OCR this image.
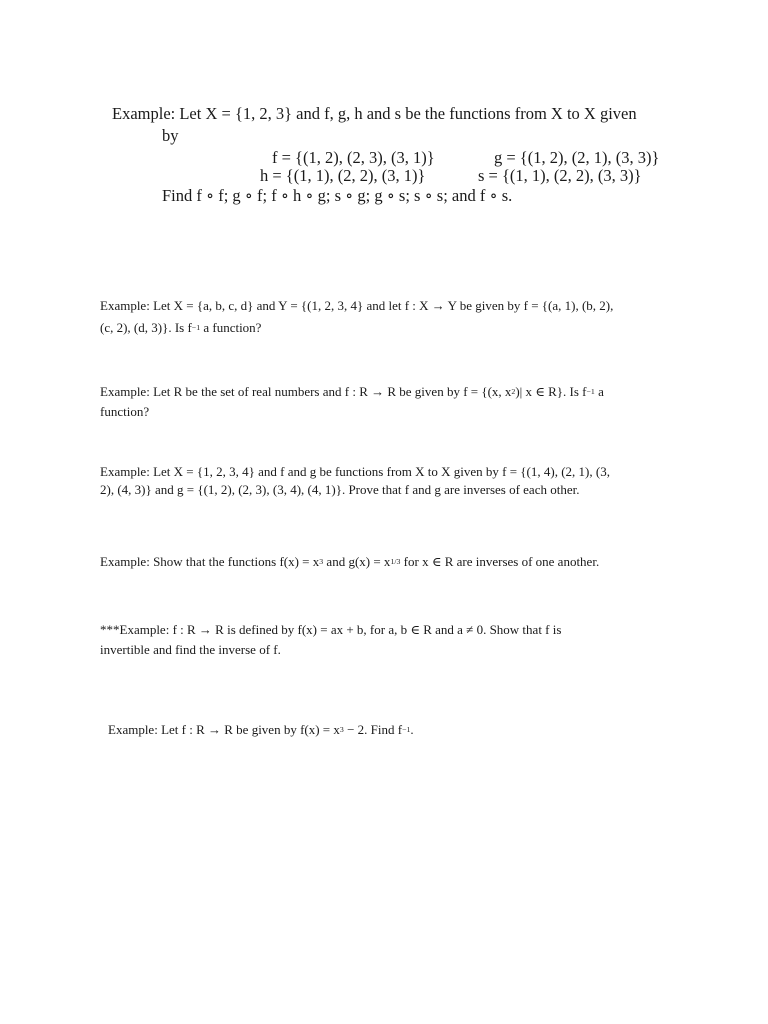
Example: Let X = {1, 2, 3} and f, g, h and s be the functions from X to X given
by
f = {(1, 2), (2, 3), (3, 1)}	g = {(1, 2), (2, 1), (3, 3)}
h = {(1, 1), (2, 2), (3, 1)}	s = {(1, 1), (2, 2), (3, 3)}
Find f ∘ f; g ∘ f; f ∘ h ∘ g; s ∘ g; g ∘ s; s ∘ s; and f ∘ s.
Example: Let X = {a, b, c, d} and Y = {(1, 2, 3, 4} and let f : X → Y be given by f = {(a, 1), (b, 2),
(c, 2), (d, 3)}. Is $f^{-1}$ a function?
Example: Let R be the set of real numbers and f : R → R be given by f = {(x, $x^2)|$ x ∈ R}. Is $f^{-1}$ a
function?
Example: Let X = {1, 2, 3, 4} and f and g be functions from X to X given by f = {(1, 4), (2, 1), (3,
2), (4, 3)} and g = {(1, 2), (2, 3), (3, 4), (4, 1)}. Prove that f and g are inverses of each other.
Example: Show that the functions $f(x) = x^3$ and $g(x) = x^{1/3}$ for x ∈ R are inverses of one another.
***Example: f : R → R is defined by f(x) = ax + b, for a, b ∈ R and a ≠ 0. Show that f is
invertible and find the inverse of f.
Example: Let f : R → R be given by $f(x) = x^3 - 2$. Find $f^{-1}$.
